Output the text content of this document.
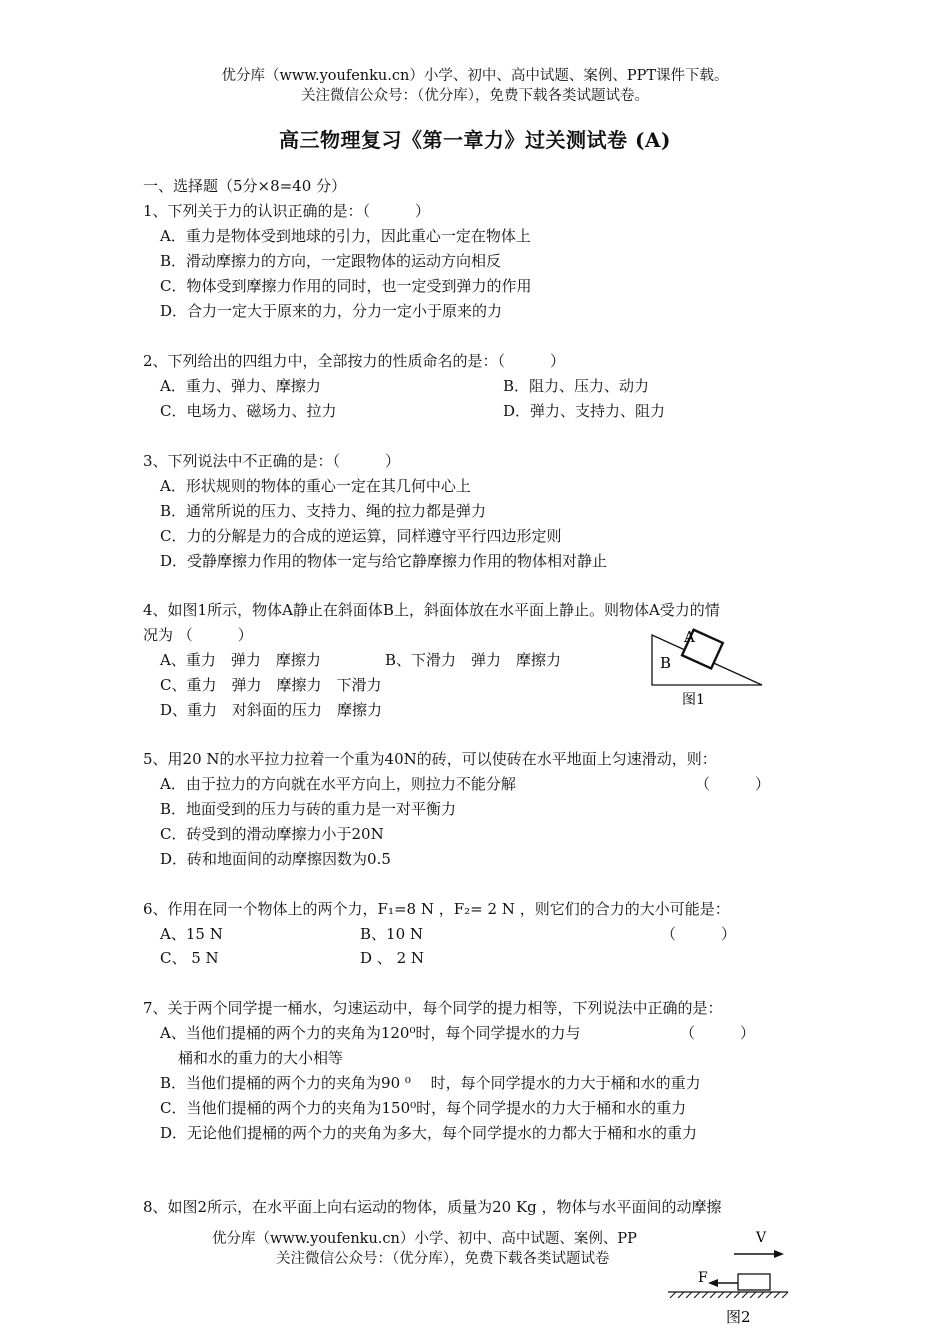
优分库（www.youfenku.cn）小学、初中、高中试题、案例、PPT课件下载。
关注微信公众号：（优分库），免费下载各类试题试卷。
高三物理复习《第一章力》过关测试卷 (A)
一、选择题（5分×8=40 分）
1、下列关于力的认识正确的是：（　　　）
A．重力是物体受到地球的引力，因此重心一定在物体上
B．滑动摩擦力的方向，一定跟物体的运动方向相反
C．物体受到摩擦力作用的同时，也一定受到弹力的作用
D．合力一定大于原来的力，分力一定小于原来的力
2、下列给出的四组力中，全部按力的性质命名的是：（　　　）
A．重力、弹力、摩擦力	B．阻力、压力、动力
C．电场力、磁场力、拉力	D．弹力、支持力、阻力
3、下列说法中不正确的是：（　　　）
A．形状规则的物体的重心一定在其几何中心上
B．通常所说的压力、支持力、绳的拉力都是弹力
C．力的分解是力的合成的逆运算，同样遵守平行四边形定则
D．受静摩擦力作用的物体一定与给它静摩擦力作用的物体相对静止
4、如图1所示，物体A静止在斜面体B上，斜面体放在水平面上静止。则物体A受力的情
况为 （　　　）
A、重力　弹力　摩擦力	B、下滑力　弹力　摩擦力
C、重力　弹力　摩擦力　下滑力
D、重力　对斜面的压力　摩擦力
A
B
图1
5、用20 N的水平拉力拉着一个重为40N的砖，可以使砖在水平地面上匀速滑动，则：
A．由于拉力的方向就在水平方向上，则拉力不能分解	（　　　）
B．地面受到的压力与砖的重力是一对平衡力
C．砖受到的滑动摩擦力小于20N
D．砖和地面间的动摩擦因数为0.5
6、作用在同一个物体上的两个力，F₁=8 N ，F₂= 2 N ，则它们的合力的大小可能是：
A、15 N	B、10 N	（　　　）
C、 5 N	D 、 2 N
7、关于两个同学提一桶水，匀速运动中，每个同学的提力相等，下列说法中正确的是：
A、当他们提桶的两个力的夹角为120⁰时，每个同学提水的力与	（　　　）
桶和水的重力的大小相等
B．当他们提桶的两个力的夹角为90 ⁰　 时，每个同学提水的力大于桶和水的重力
C．当他们提桶的两个力的夹角为150⁰时，每个同学提水的力大于桶和水的重力
D．无论他们提桶的两个力的夹角为多大，每个同学提水的力都大于桶和水的重力
8、如图2所示，在水平面上向右运动的物体，质量为20 Kg ，物体与水平面间的动摩擦
优分库（www.youfenku.cn）小学、初中、高中试题、案例、PP
关注微信公众号：（优分库），免费下载各类试题试卷
V
F
图2
